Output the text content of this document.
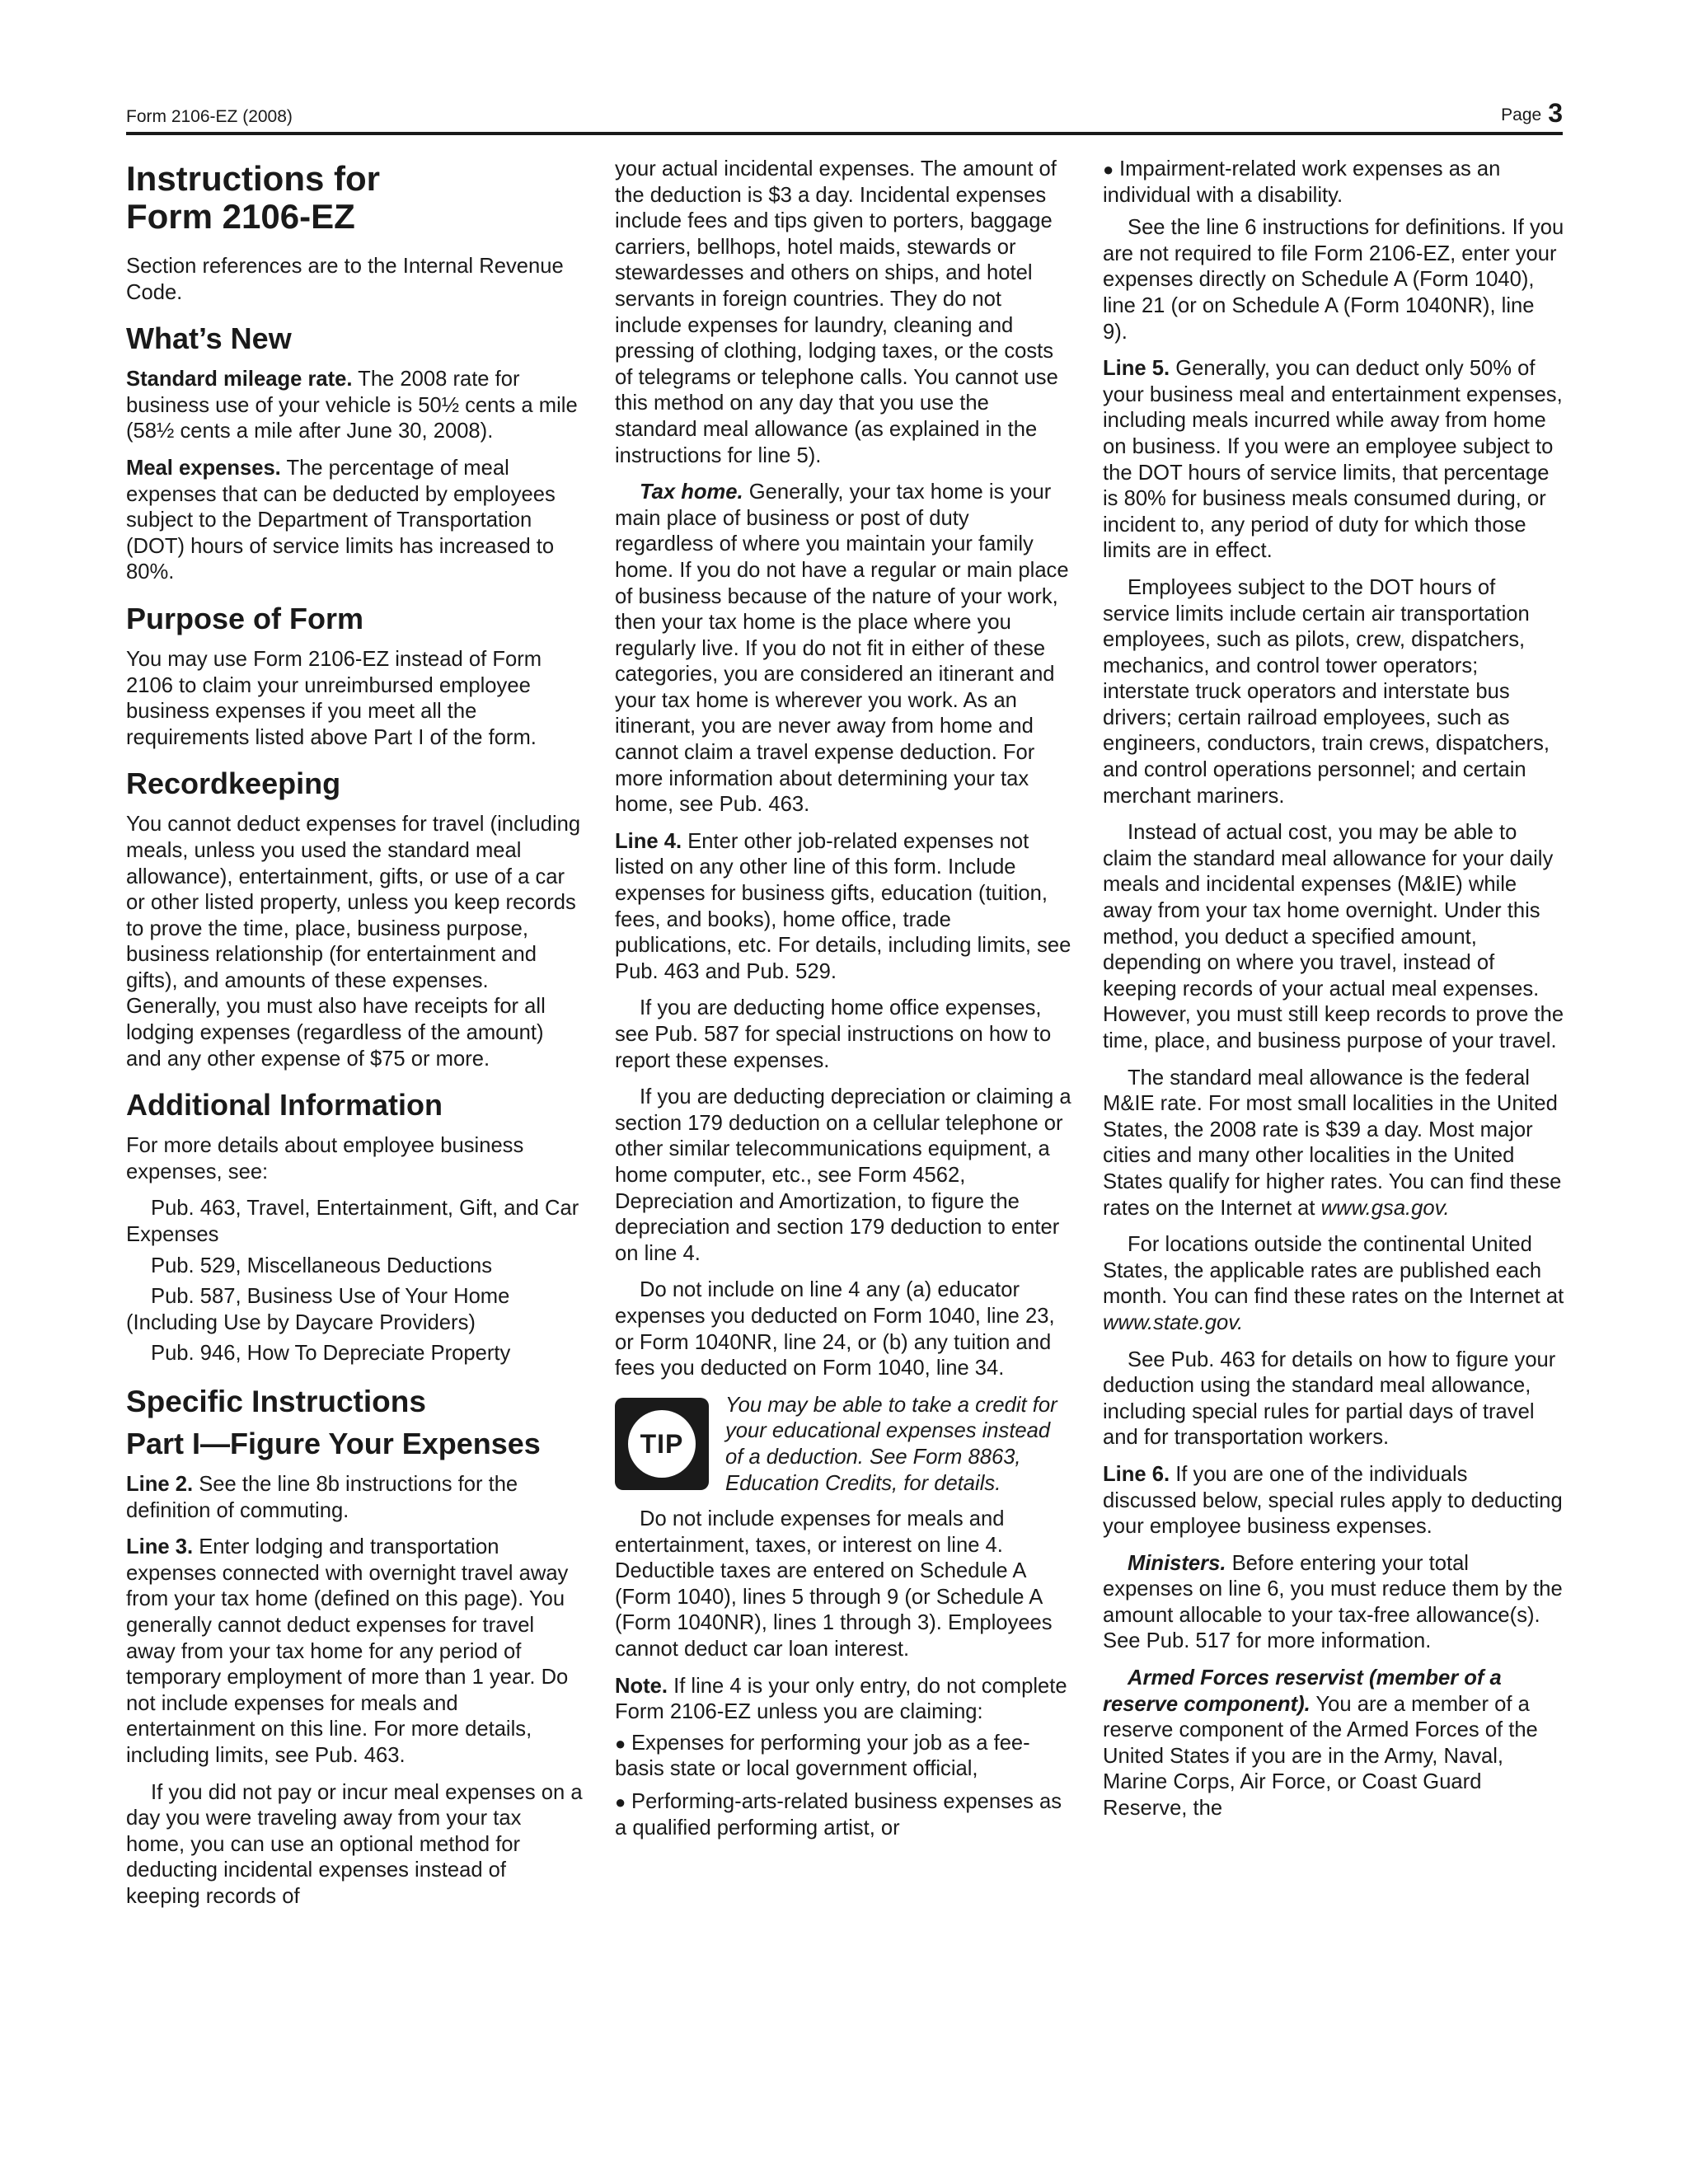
Form 2106-EZ (2008)	Page 3
Instructions for
Form 2106-EZ

Section references are to the Internal Revenue Code.

What’s New

Standard mileage rate. The 2008 rate for business use of your vehicle is 50½ cents a mile (58½ cents a mile after June 30, 2008).

Meal expenses. The percentage of meal expenses that can be deducted by employees subject to the Department of Transportation (DOT) hours of service limits has increased to 80%.

Purpose of Form

You may use Form 2106-EZ instead of Form 2106 to claim your unreimbursed employee business expenses if you meet all the requirements listed above Part I of the form.

Recordkeeping

You cannot deduct expenses for travel (including meals, unless you used the standard meal allowance), entertainment, gifts, or use of a car or other listed property, unless you keep records to prove the time, place, business purpose, business relationship (for entertainment and gifts), and amounts of these expenses. Generally, you must also have receipts for all lodging expenses (regardless of the amount) and any other expense of $75 or more.

Additional Information

For more details about employee business expenses, see:

Pub. 463, Travel, Entertainment, Gift, and Car Expenses

Pub. 529, Miscellaneous Deductions

Pub. 587, Business Use of Your Home (Including Use by Daycare Providers)

Pub. 946, How To Depreciate Property

Specific Instructions
Part I—Figure Your Expenses

Line 2. See the line 8b instructions for the definition of commuting.

Line 3. Enter lodging and transportation expenses connected with overnight travel away from your tax home (defined on this page). You generally cannot deduct expenses for travel away from your tax home for any period of temporary employment of more than 1 year. Do not include expenses for meals and entertainment on this line. For more details, including limits, see Pub. 463.

If you did not pay or incur meal expenses on a day you were traveling away from your tax home, you can use an optional method for deducting incidental expenses instead of keeping records of

your actual incidental expenses. The amount of the deduction is $3 a day. Incidental expenses include fees and tips given to porters, baggage carriers, bellhops, hotel maids, stewards or stewardesses and others on ships, and hotel servants in foreign countries. They do not include expenses for laundry, cleaning and pressing of clothing, lodging taxes, or the costs of telegrams or telephone calls. You cannot use this method on any day that you use the standard meal allowance (as explained in the instructions for line 5).

Tax home. Generally, your tax home is your main place of business or post of duty regardless of where you maintain your family home. If you do not have a regular or main place of business because of the nature of your work, then your tax home is the place where you regularly live. If you do not fit in either of these categories, you are considered an itinerant and your tax home is wherever you work. As an itinerant, you are never away from home and cannot claim a travel expense deduction. For more information about determining your tax home, see Pub. 463.

Line 4. Enter other job-related expenses not listed on any other line of this form. Include expenses for business gifts, education (tuition, fees, and books), home office, trade publications, etc. For details, including limits, see Pub. 463 and Pub. 529.

If you are deducting home office expenses, see Pub. 587 for special instructions on how to report these expenses.

If you are deducting depreciation or claiming a section 179 deduction on a cellular telephone or other similar telecommunications equipment, a home computer, etc., see Form 4562, Depreciation and Amortization, to figure the depreciation and section 179 deduction to enter on line 4.

Do not include on line 4 any (a) educator expenses you deducted on Form 1040, line 23, or Form 1040NR, line 24, or (b) any tuition and fees you deducted on Form 1040, line 34.

TIP
You may be able to take a credit for your educational expenses instead of a deduction. See Form 8863, Education Credits, for details.

Do not include expenses for meals and entertainment, taxes, or interest on line 4. Deductible taxes are entered on Schedule A (Form 1040), lines 5 through 9 (or Schedule A (Form 1040NR), lines 1 through 3). Employees cannot deduct car loan interest.

Note. If line 4 is your only entry, do not complete Form 2106-EZ unless you are claiming:

● Expenses for performing your job as a fee-basis state or local government official,

● Performing-arts-related business expenses as a qualified performing artist, or

● Impairment-related work expenses as an individual with a disability.

See the line 6 instructions for definitions. If you are not required to file Form 2106-EZ, enter your expenses directly on Schedule A (Form 1040), line 21 (or on Schedule A (Form 1040NR), line 9).

Line 5. Generally, you can deduct only 50% of your business meal and entertainment expenses, including meals incurred while away from home on business. If you were an employee subject to the DOT hours of service limits, that percentage is 80% for business meals consumed during, or incident to, any period of duty for which those limits are in effect.

Employees subject to the DOT hours of service limits include certain air transportation employees, such as pilots, crew, dispatchers, mechanics, and control tower operators; interstate truck operators and interstate bus drivers; certain railroad employees, such as engineers, conductors, train crews, dispatchers, and control operations personnel; and certain merchant mariners.

Instead of actual cost, you may be able to claim the standard meal allowance for your daily meals and incidental expenses (M&IE) while away from your tax home overnight. Under this method, you deduct a specified amount, depending on where you travel, instead of keeping records of your actual meal expenses. However, you must still keep records to prove the time, place, and business purpose of your travel.

The standard meal allowance is the federal M&IE rate. For most small localities in the United States, the 2008 rate is $39 a day. Most major cities and many other localities in the United States qualify for higher rates. You can find these rates on the Internet at www.gsa.gov.

For locations outside the continental United States, the applicable rates are published each month. You can find these rates on the Internet at www.state.gov.

See Pub. 463 for details on how to figure your deduction using the standard meal allowance, including special rules for partial days of travel and for transportation workers.

Line 6. If you are one of the individuals discussed below, special rules apply to deducting your employee business expenses.

Ministers. Before entering your total expenses on line 6, you must reduce them by the amount allocable to your tax-free allowance(s). See Pub. 517 for more information.

Armed Forces reservist (member of a reserve component). You are a member of a reserve component of the Armed Forces of the United States if you are in the Army, Naval, Marine Corps, Air Force, or Coast Guard Reserve, the
